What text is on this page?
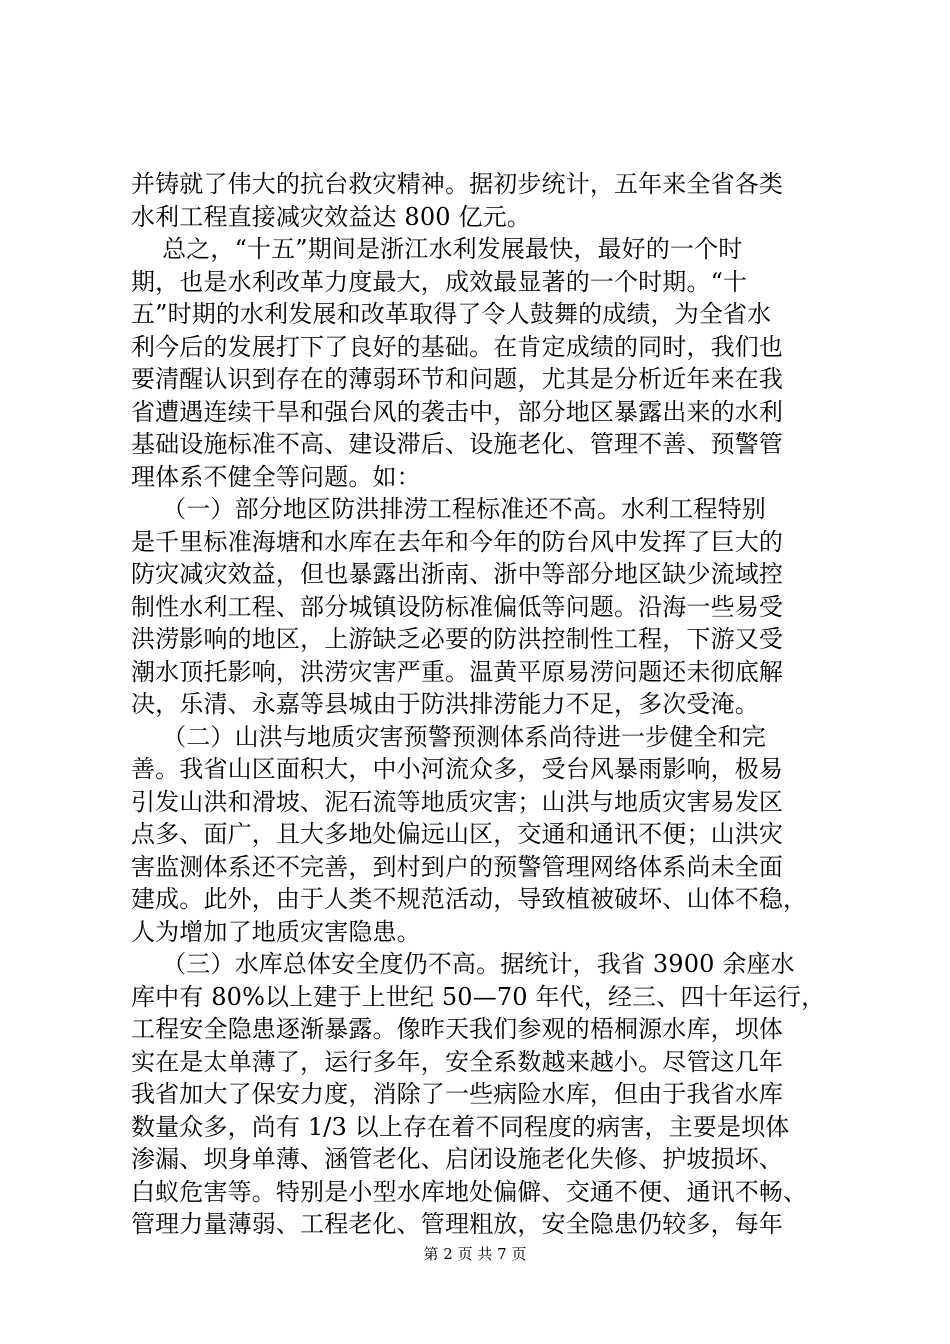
并铸就了伟大的抗台救灾精神。据初步统计，五年来全省各类
水利工程直接减灾效益达 800 亿元。
总之，“十五”期间是浙江水利发展最快，最好的一个时
期，也是水利改革力度最大，成效最显著的一个时期。“十
五”时期的水利发展和改革取得了令人鼓舞的成绩，为全省水
利今后的发展打下了良好的基础。在肯定成绩的同时，我们也
要清醒认识到存在的薄弱环节和问题，尤其是分析近年来在我
省遭遇连续干旱和强台风的袭击中，部分地区暴露出来的水利
基础设施标准不高、建设滞后、设施老化、管理不善、预警管
理体系不健全等问题。如：
（一）部分地区防洪排涝工程标准还不高。水利工程特别
是千里标准海塘和水库在去年和今年的防台风中发挥了巨大的
防灾减灾效益，但也暴露出浙南、浙中等部分地区缺少流域控
制性水利工程、部分城镇设防标准偏低等问题。沿海一些易受
洪涝影响的地区，上游缺乏必要的防洪控制性工程，下游又受
潮水顶托影响，洪涝灾害严重。温黄平原易涝问题还未彻底解
决，乐清、永嘉等县城由于防洪排涝能力不足，多次受淹。
（二）山洪与地质灾害预警预测体系尚待进一步健全和完
善。我省山区面积大，中小河流众多，受台风暴雨影响，极易
引发山洪和滑坡、泥石流等地质灾害；山洪与地质灾害易发区
点多、面广，且大多地处偏远山区，交通和通讯不便；山洪灾
害监测体系还不完善，到村到户的预警管理网络体系尚未全面
建成。此外，由于人类不规范活动，导致植被破坏、山体不稳，
人为增加了地质灾害隐患。
（三）水库总体安全度仍不高。据统计，我省 3900 余座水
库中有 80%以上建于上世纪 50—70 年代，经三、四十年运行，
工程安全隐患逐渐暴露。像昨天我们参观的梧桐源水库，坝体
实在是太单薄了，运行多年，安全系数越来越小。尽管这几年
我省加大了保安力度，消除了一些病险水库，但由于我省水库
数量众多，尚有 1/3 以上存在着不同程度的病害，主要是坝体
渗漏、坝身单薄、涵管老化、启闭设施老化失修、护坡损坏、
白蚁危害等。特别是小型水库地处偏僻、交通不便、通讯不畅、
管理力量薄弱、工程老化、管理粗放，安全隐患仍较多，每年
第 2 页 共 7 页
